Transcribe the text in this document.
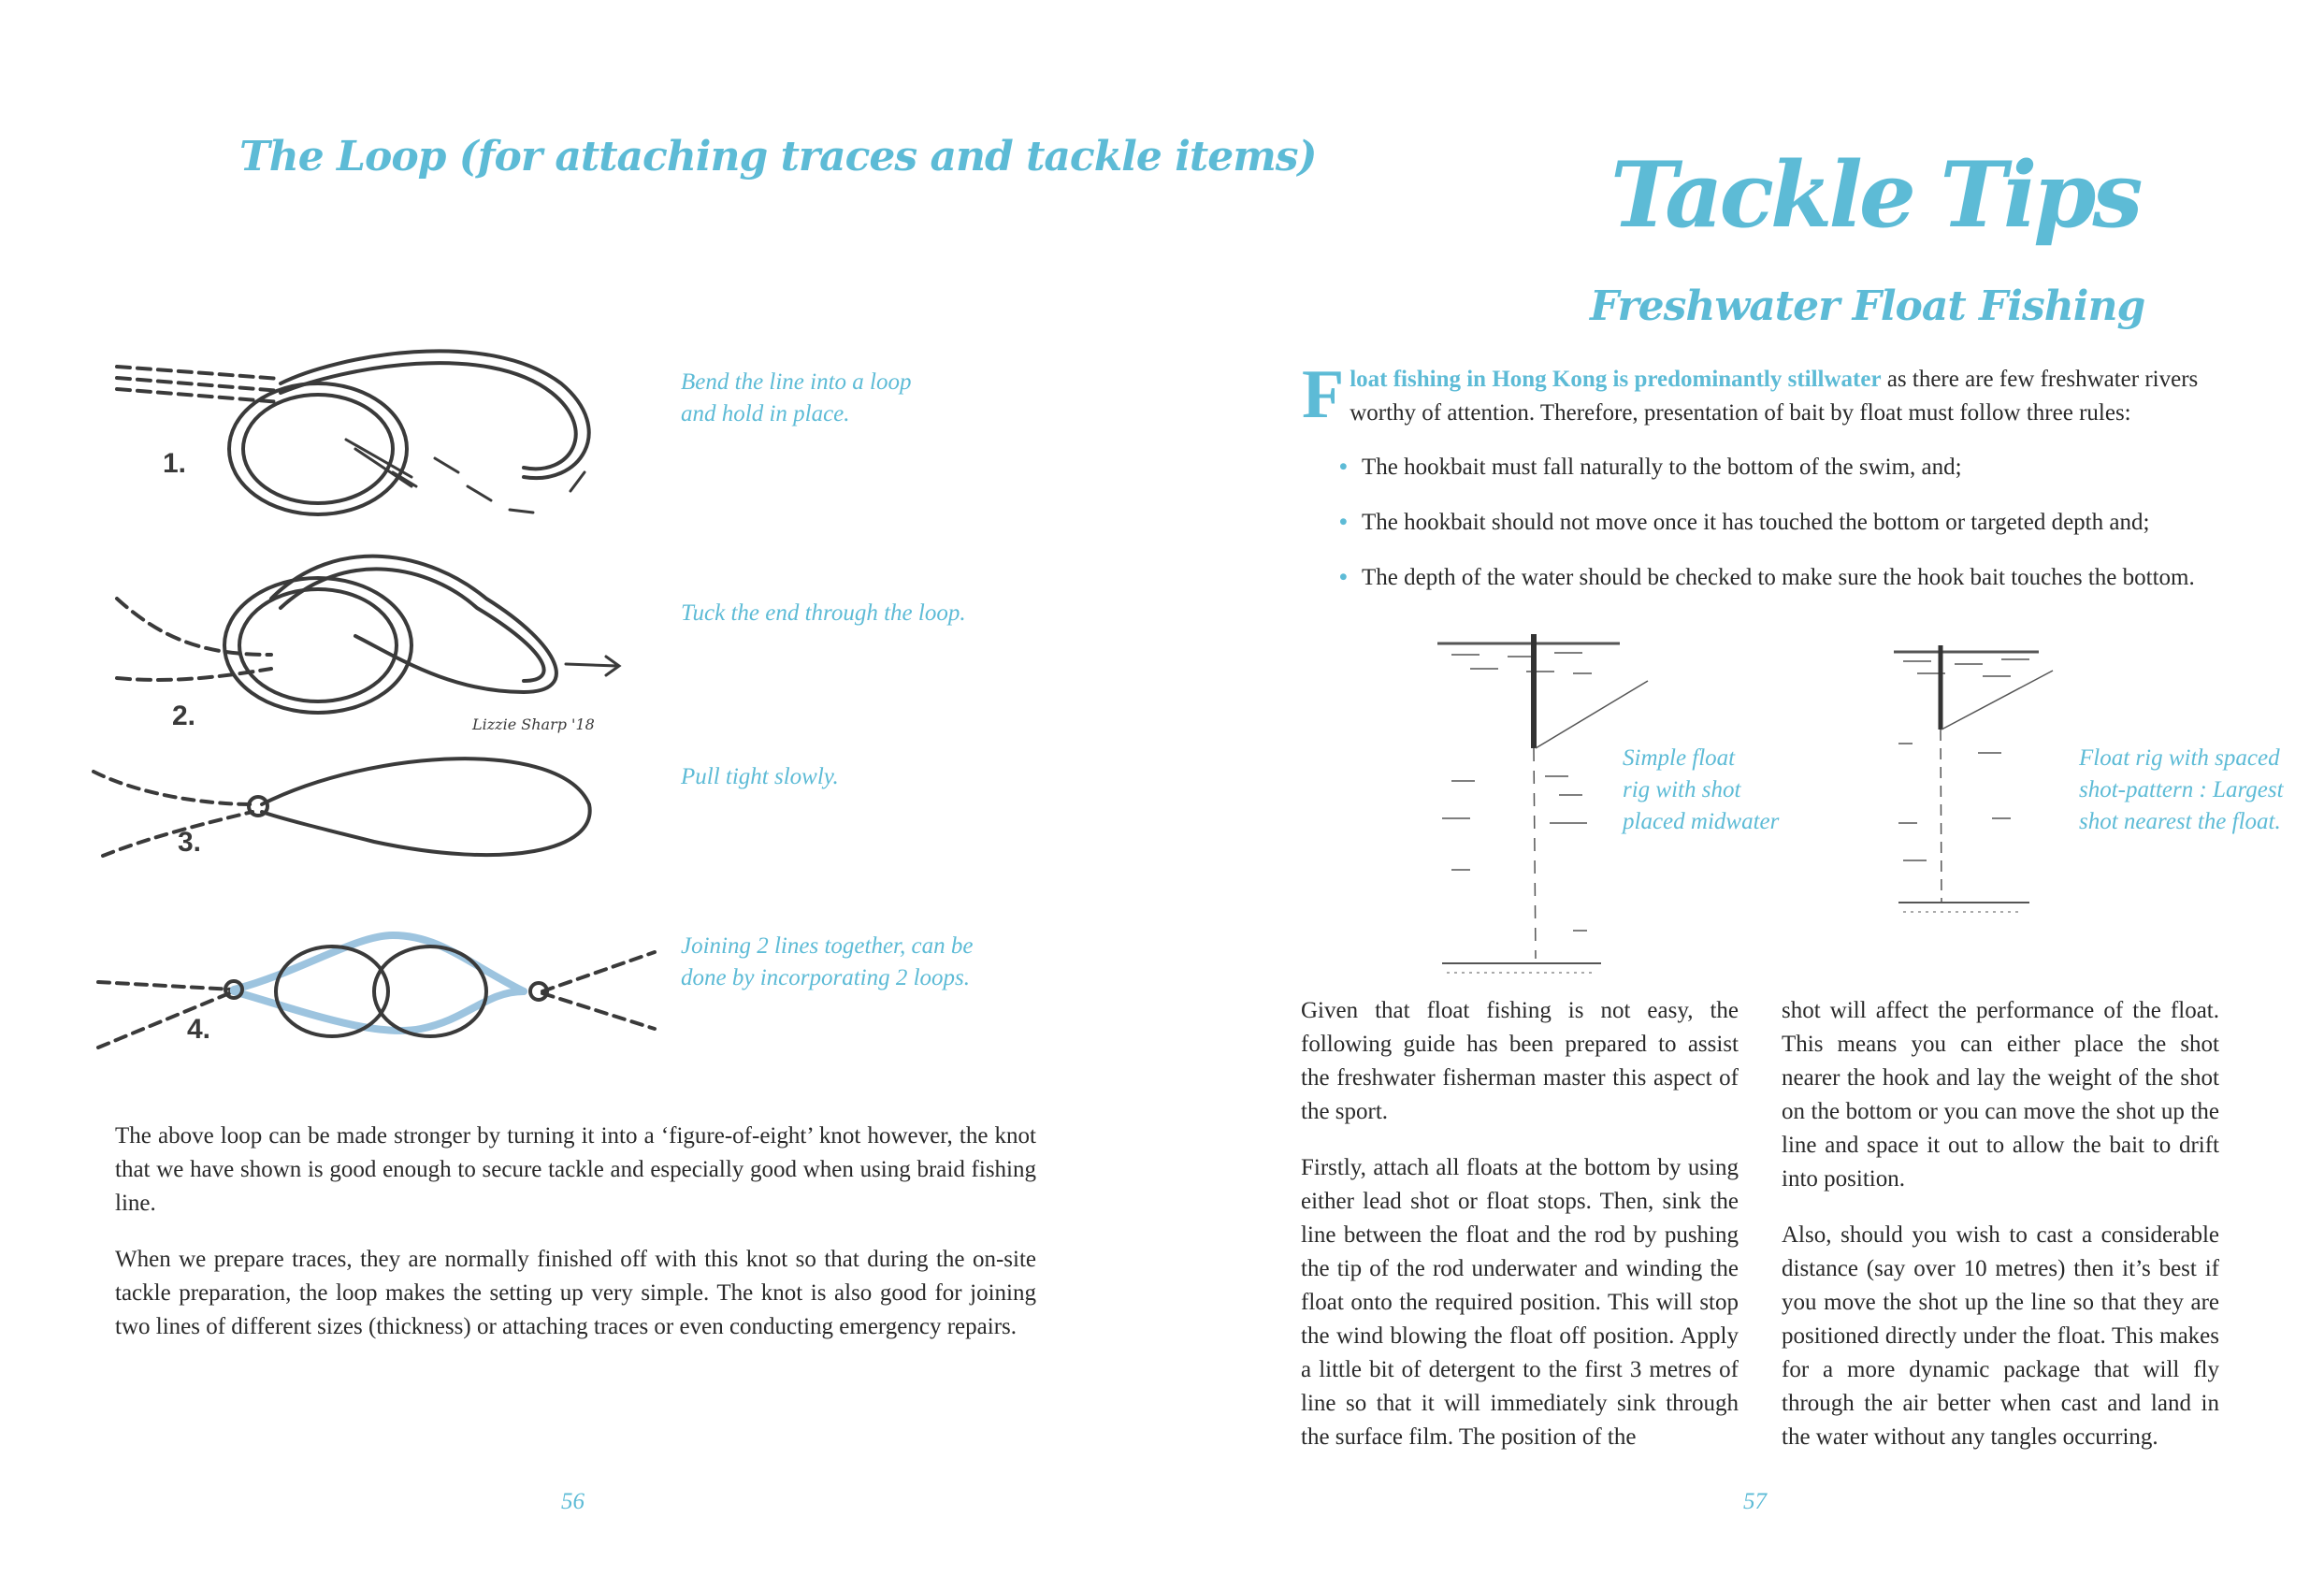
The Loop (for attaching traces and tackle items)
1.
2.
3.
4.
Lizzie Sharp '18
Bend the line into a loop
and hold in place.
Tuck the end through the loop.
Pull tight slowly.
Joining 2 lines together, can be
done by incorporating 2 loops.

The above loop can be made stronger by turning it into a ‘figure-of-eight’ knot however, the knot that we have shown is good enough to secure tackle and especially good when using braid fishing line.

When we prepare traces, they are normally finished off with this knot so that during the on-site tackle preparation, the loop makes the setting up very simple. The knot is also good for joining two lines of different sizes (thickness) or attaching traces or even conducting emergency repairs.

56
Tackle Tips
Freshwater Float Fishing
Float fishing in Hong Kong is predominantly stillwater as there are few freshwater rivers worthy of attention. Therefore, presentation of bait by float must follow three rules:
• The hookbait must fall naturally to the bottom of the swim, and;
• The hookbait should not move once it has touched the bottom or targeted depth and;
• The depth of the water should be checked to make sure the hook bait touches the bottom.
Simple float
rig with shot
placed midwater
Float rig with spaced
shot-pattern : Largest
shot nearest the float.

Given that float fishing is not easy, the following guide has been prepared to assist the freshwater fisherman master this aspect of the sport.

Firstly, attach all floats at the bottom by using either lead shot or float stops. Then, sink the line between the float and the rod by pushing the tip of the rod underwater and winding the float onto the required position. This will stop the wind blowing the float off position. Apply a little bit of detergent to the first 3 metres of line so that it will immediately sink through the surface film. The position of the

shot will affect the performance of the float. This means you can either place the shot nearer the hook and lay the weight of the shot on the bottom or you can move the shot up the line and space it out to allow the bait to drift into position.

Also, should you wish to cast a considerable distance (say over 10 metres) then it’s best if you move the shot up the line so that they are positioned directly under the float. This makes for a more dynamic package that will fly through the air better when cast and land in the water without any tangles occurring.

57
